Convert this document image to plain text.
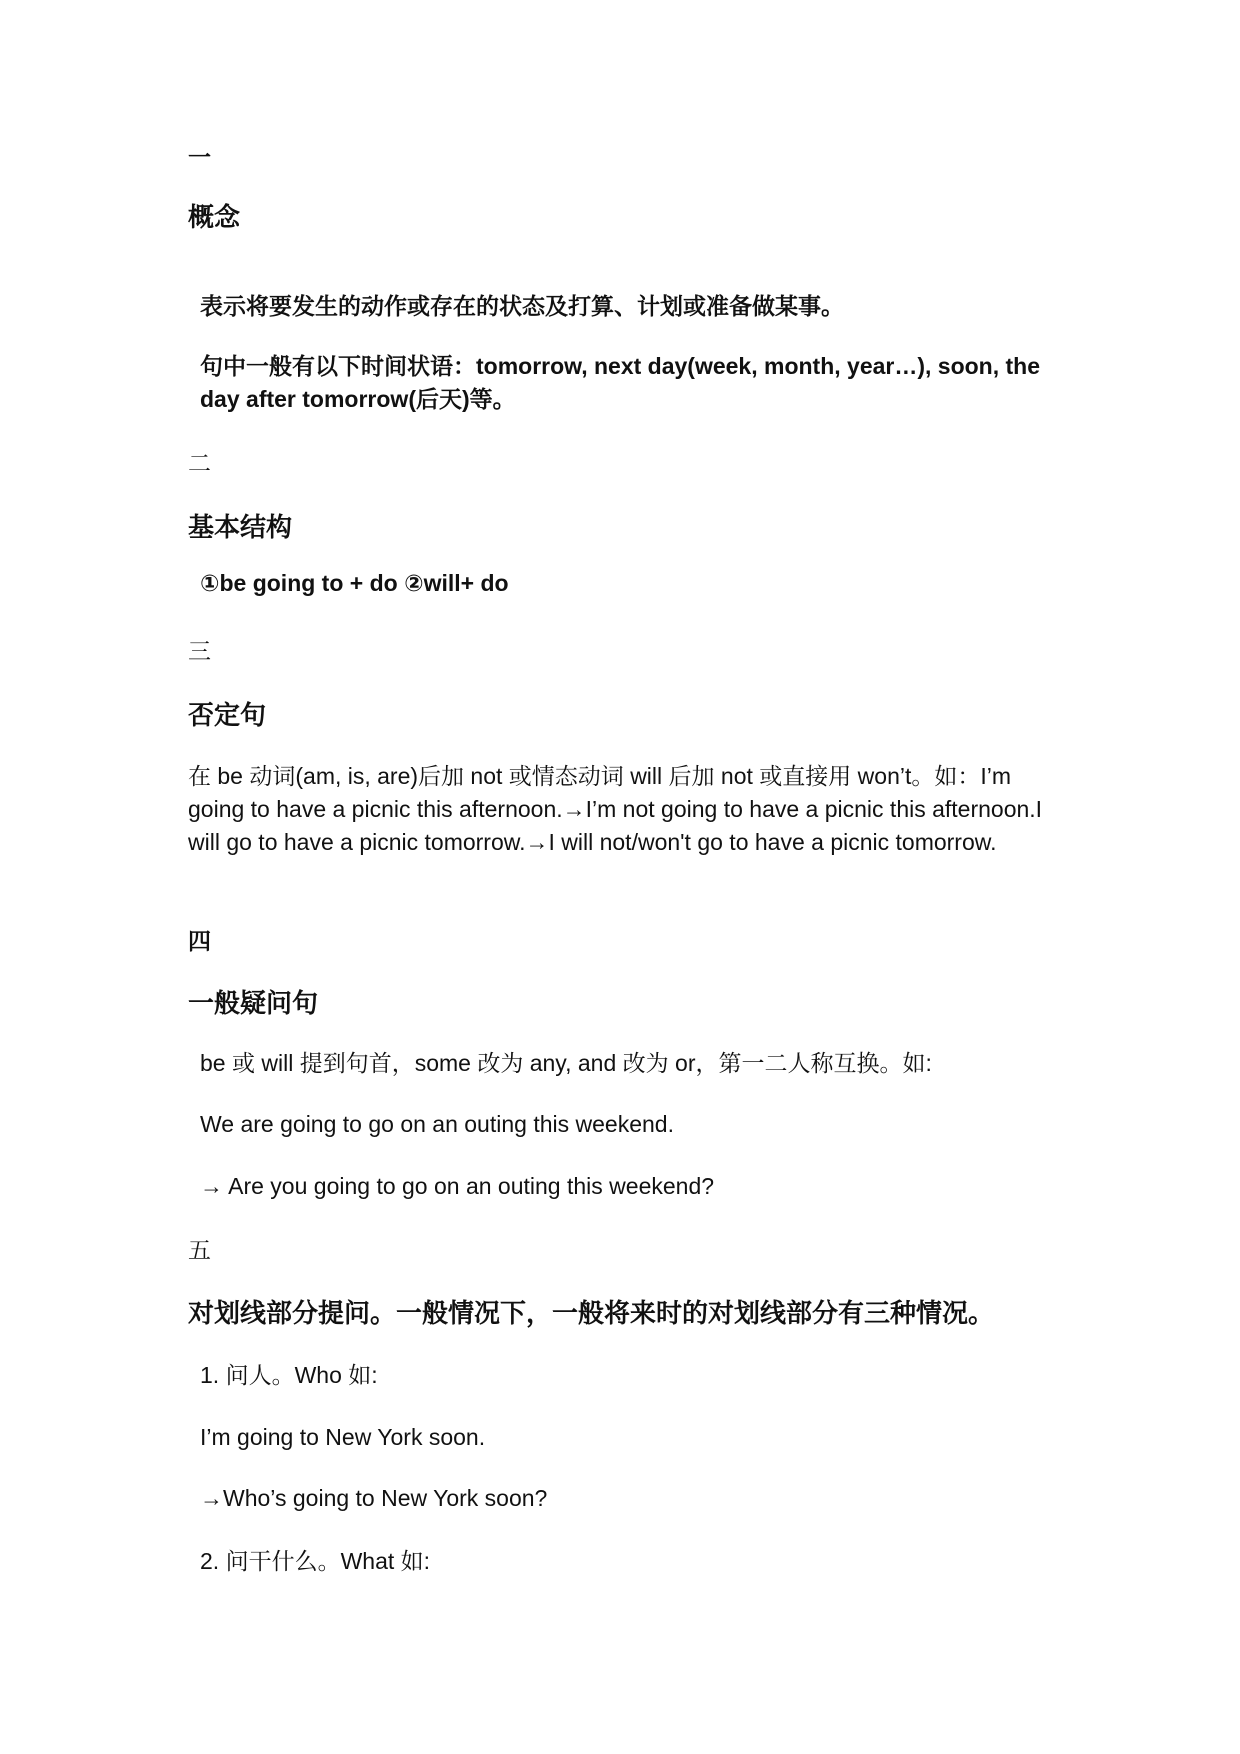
一
概念
表示将要发生的动作或存在的状态及打算、计划或准备做某事。
句中一般有以下时间状语：tomorrow, next day(week, month, year…), soon, the day after tomorrow(后天)等。
二
基本结构
①be going to + do ②will+ do
三
否定句
在 be 动词(am, is, are)后加 not 或情态动词 will 后加 not 或直接用 won’t。如：I’m going to have a picnic this afternoon.→I’m not going to have a picnic this afternoon.I will go to have a picnic tomorrow.→I will not/won't go to have a picnic tomorrow.
四
一般疑问句
be 或 will 提到句首，some 改为 any, and 改为 or，第一二人称互换。如:
We are going to go on an outing this weekend.
→ Are you going to go on an outing this weekend?
五
对划线部分提问。一般情况下，一般将来时的对划线部分有三种情况。
1. 问人。Who 如:
I’m going to New York soon.
→Who’s going to New York soon?
2. 问干什么。What 如:
